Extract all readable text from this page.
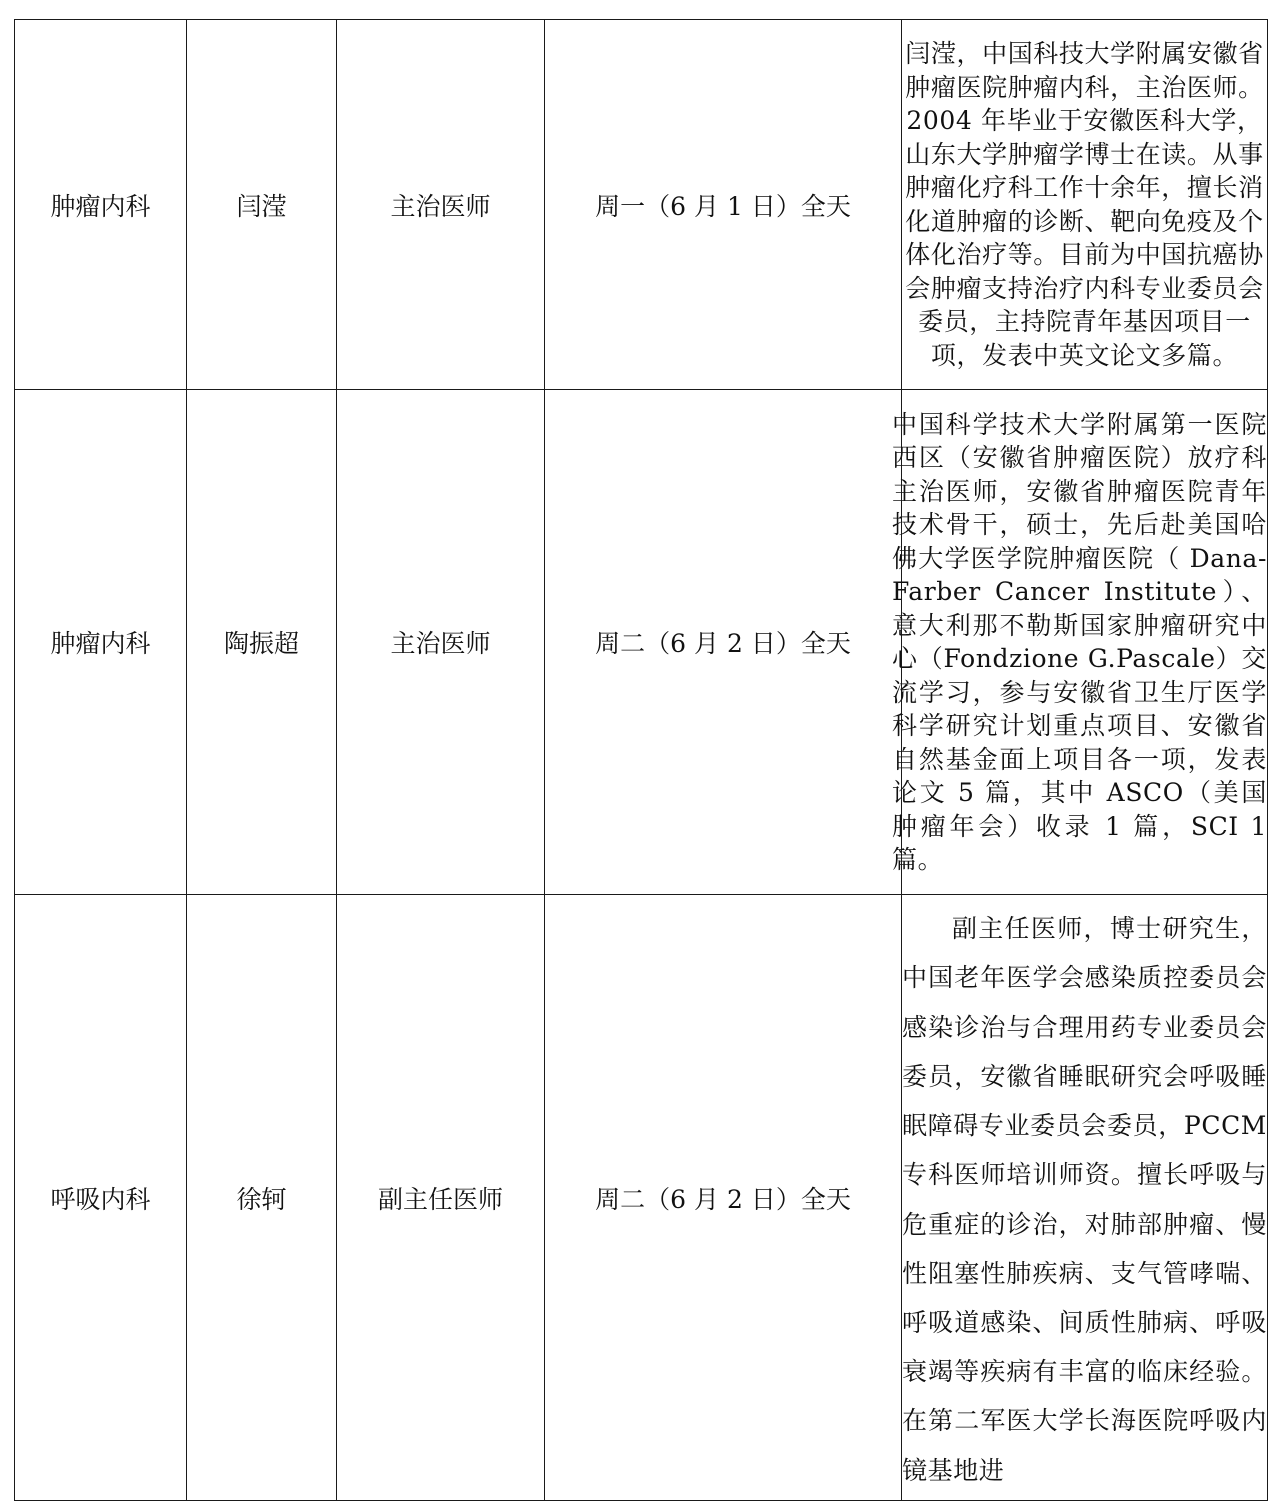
肿瘤内科	闫滢	主治医师	周一（6 月 1 日）全天	闫滢，中国科技大学附属安徽省肿瘤医院肿瘤内科，主治医师。2004 年毕业于安徽医科大学，山东大学肿瘤学博士在读。从事肿瘤化疗科工作十余年，擅长消化道肿瘤的诊断、靶向免疫及个体化治疗等。目前为中国抗癌协会肿瘤支持治疗内科专业委员会委员，主持院青年基因项目一项，发表中英文论文多篇。

肿瘤内科	陶振超	主治医师	周二（6 月 2 日）全天	中国科学技术大学附属第一医院西区（安徽省肿瘤医院）放疗科主治医师，安徽省肿瘤医院青年技术骨干，硕士，先后赴美国哈佛大学医学院肿瘤医院（ Dana-Farber Cancer Institute）、意大利那不勒斯国家肿瘤研究中心（Fondzione G.Pascale）交流学习，参与安徽省卫生厅医学科学研究计划重点项目、安徽省自然基金面上项目各一项，发表论文 5 篇，其中 ASCO（美国肿瘤年会）收录 1 篇，SCI 1 篇。

呼吸内科	徐轲	副主任医师	周二（6 月 2 日）全天	副主任医师，博士研究生，中国老年医学会感染质控委员会感染诊治与合理用药专业委员会委员，安徽省睡眠研究会呼吸睡眠障碍专业委员会委员，PCCM 专科医师培训师资。擅长呼吸与危重症的诊治，对肺部肿瘤、慢性阻塞性肺疾病、支气管哮喘、呼吸道感染、间质性肺病、呼吸衰竭等疾病有丰富的临床经验。在第二军医大学长海医院呼吸内镜基地进
